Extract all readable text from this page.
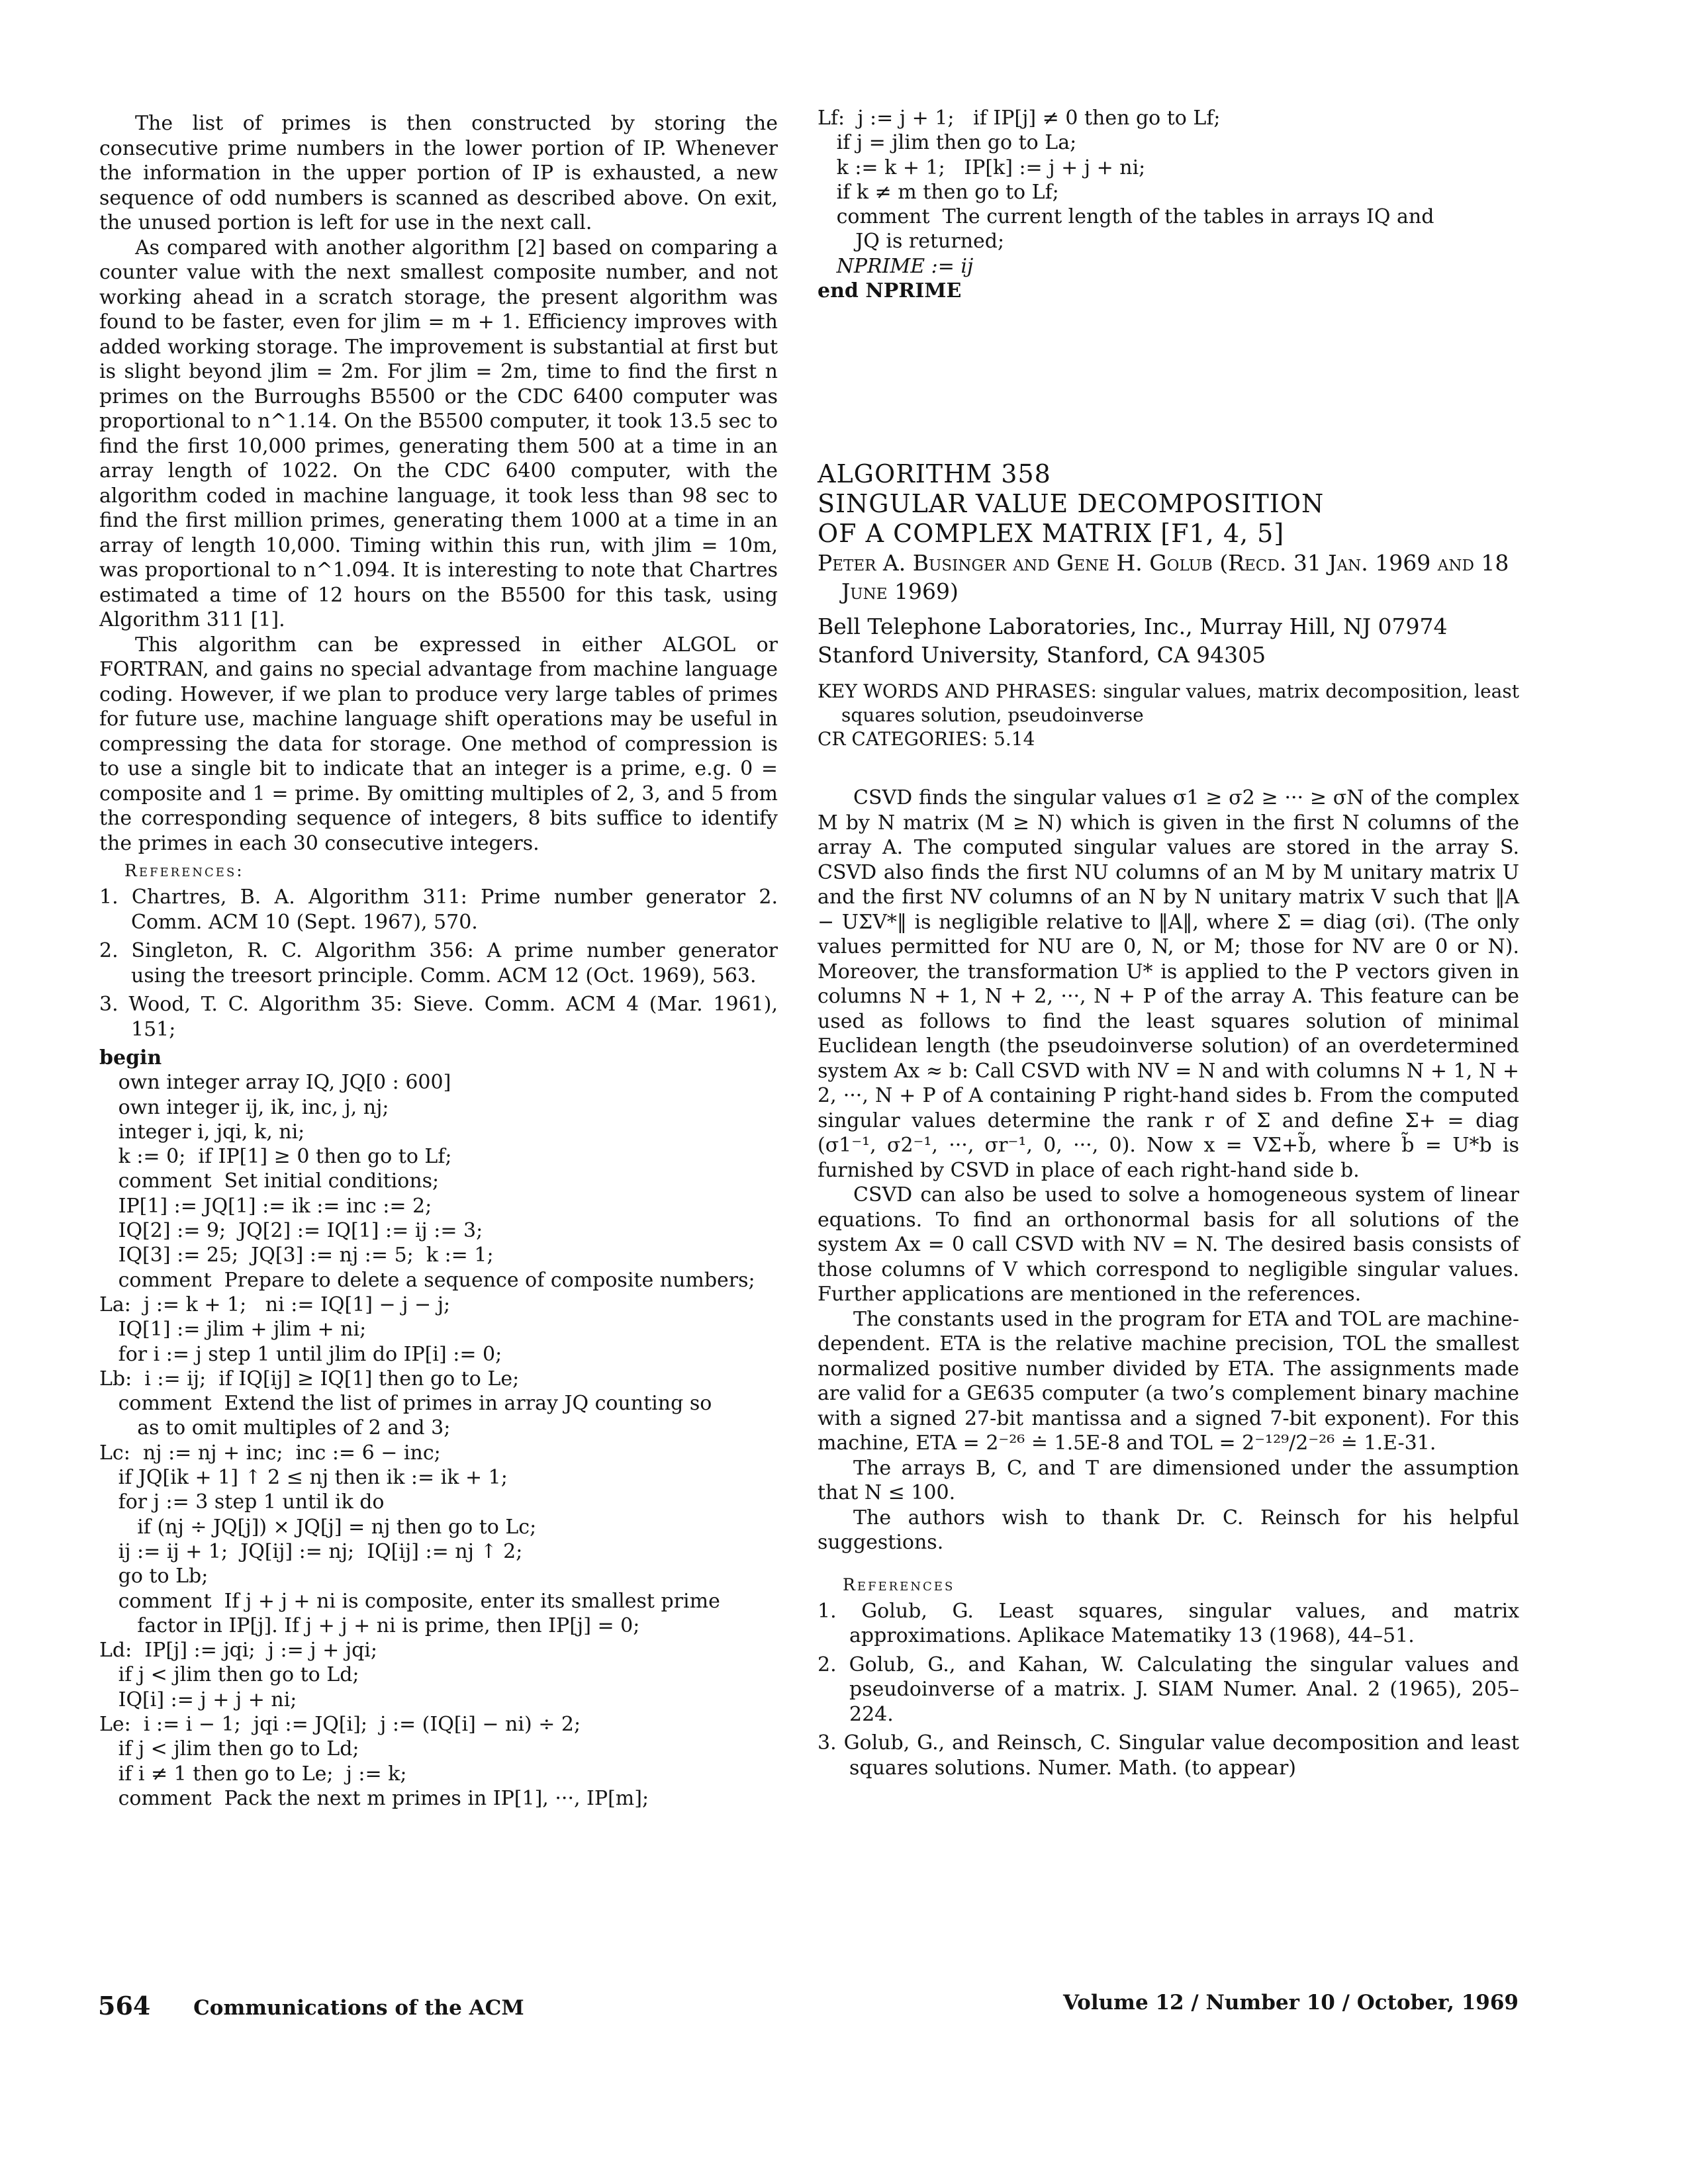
The list of primes is then constructed by storing the consecutive prime numbers in the lower portion of IP. Whenever the information in the upper portion of IP is exhausted, a new sequence of odd numbers is scanned as described above. On exit, the unused portion is left for use in the next call.

As compared with another algorithm [2] based on comparing a counter value with the next smallest composite number, and not working ahead in a scratch storage, the present algorithm was found to be faster, even for jlim = m + 1. Efficiency improves with added working storage. The improvement is substantial at first but is slight beyond jlim = 2m. For jlim = 2m, time to find the first n primes on the Burroughs B5500 or the CDC 6400 computer was proportional to n^1.14. On the B5500 computer, it took 13.5 sec to find the first 10,000 primes, generating them 500 at a time in an array length of 1022. On the CDC 6400 computer, with the algorithm coded in machine language, it took less than 98 sec to find the first million primes, generating them 1000 at a time in an array of length 10,000. Timing within this run, with jlim = 10m, was proportional to n^1.094. It is interesting to note that Chartres estimated a time of 12 hours on the B5500 for this task, using Algorithm 311 [1].

This algorithm can be expressed in either ALGOL or FORTRAN, and gains no special advantage from machine language coding. However, if we plan to produce very large tables of primes for future use, machine language shift operations may be useful in compressing the data for storage. One method of compression is to use a single bit to indicate that an integer is a prime, e.g. 0 = composite and 1 = prime. By omitting multiples of 2, 3, and 5 from the corresponding sequence of integers, 8 bits suffice to identify the primes in each 30 consecutive integers.

References:

1. Chartres, B. A. Algorithm 311: Prime number generator 2. Comm. ACM 10 (Sept. 1967), 570.

2. Singleton, R. C. Algorithm 356: A prime number generator using the treesort principle. Comm. ACM 12 (Oct. 1969), 563.

3. Wood, T. C. Algorithm 35: Sieve. Comm. ACM 4 (Mar. 1961), 151;

begin
own integer array IQ, JQ[0 : 600]
own integer ij, ik, inc, j, nj;
integer i, jqi, k, ni;
k := 0;  if IP[1] ≥ 0 then go to Lf;
comment  Set initial conditions;
IP[1] := JQ[1] := ik := inc := 2;
IQ[2] := 9;  JQ[2] := IQ[1] := ij := 3;
IQ[3] := 25;  JQ[3] := nj := 5;  k := 1;
comment  Prepare to delete a sequence of composite numbers;
La:  j := k + 1;   ni := IQ[1] − j − j;
IQ[1] := jlim + jlim + ni;
for i := j step 1 until jlim do IP[i] := 0;
Lb:  i := ij;  if IQ[ij] ≥ IQ[1] then go to Le;
comment  Extend the list of primes in array JQ counting so
as to omit multiples of 2 and 3;
Lc:  nj := nj + inc;  inc := 6 − inc;
if JQ[ik + 1] ↑ 2 ≤ nj then ik := ik + 1;
for j := 3 step 1 until ik do
if (nj ÷ JQ[j]) × JQ[j] = nj then go to Lc;
ij := ij + 1;  JQ[ij] := nj;  IQ[ij] := nj ↑ 2;
go to Lb;
comment  If j + j + ni is composite, enter its smallest prime
factor in IP[j]. If j + j + ni is prime, then IP[j] = 0;
Ld:  IP[j] := jqi;  j := j + jqi;
if j < jlim then go to Ld;
IQ[i] := j + j + ni;
Le:  i := i − 1;  jqi := JQ[i];  j := (IQ[i] − ni) ÷ 2;
if j < jlim then go to Ld;
if i ≠ 1 then go to Le;  j := k;
comment  Pack the next m primes in IP[1], ···, IP[m];
Lf:  j := j + 1;   if IP[j] ≠ 0 then go to Lf;
if j = jlim then go to La;
k := k + 1;   IP[k] := j + j + ni;
if k ≠ m then go to Lf;
comment  The current length of the tables in arrays IQ and
JQ is returned;
NPRIME := ij
end NPRIME

ALGORITHM 358

SINGULAR VALUE DECOMPOSITION

OF A COMPLEX MATRIX [F1, 4, 5]

Peter A. Businger and Gene H. Golub (Recd. 31 Jan. 1969 and 18 June 1969)

Bell Telephone Laboratories, Inc., Murray Hill, NJ 07974

Stanford University, Stanford, CA 94305

KEY WORDS AND PHRASES: singular values, matrix decomposition, least squares solution, pseudoinverse

CR CATEGORIES: 5.14

CSVD finds the singular values σ1 ≥ σ2 ≥ ··· ≥ σN of the complex M by N matrix (M ≥ N) which is given in the first N columns of the array A. The computed singular values are stored in the array S. CSVD also finds the first NU columns of an M by M unitary matrix U and the first NV columns of an N by N unitary matrix V such that ‖A − UΣV*‖ is negligible relative to ‖A‖, where Σ = diag (σi). (The only values permitted for NU are 0, N, or M; those for NV are 0 or N). Moreover, the transformation U* is applied to the P vectors given in columns N + 1, N + 2, ···, N + P of the array A. This feature can be used as follows to find the least squares solution of minimal Euclidean length (the pseudoinverse solution) of an overdetermined system Ax ≈ b: Call CSVD with NV = N and with columns N + 1, N + 2, ···, N + P of A containing P right-hand sides b. From the computed singular values determine the rank r of Σ and define Σ+ = diag (σ1⁻¹, σ2⁻¹, ···, σr⁻¹, 0, ···, 0). Now x = VΣ+b̃, where b̃ = U*b is furnished by CSVD in place of each right-hand side b.

CSVD can also be used to solve a homogeneous system of linear equations. To find an orthonormal basis for all solutions of the system Ax = 0 call CSVD with NV = N. The desired basis consists of those columns of V which correspond to negligible singular values. Further applications are mentioned in the references.

The constants used in the program for ETA and TOL are machine-dependent. ETA is the relative machine precision, TOL the smallest normalized positive number divided by ETA. The assignments made are valid for a GE635 computer (a two’s complement binary machine with a signed 27-bit mantissa and a signed 7-bit exponent). For this machine, ETA = 2⁻²⁶ ≐ 1.5E-8 and TOL = 2⁻¹²⁹/2⁻²⁶ ≐ 1.E-31.

The arrays B, C, and T are dimensioned under the assumption that N ≤ 100.

The authors wish to thank Dr. C. Reinsch for his helpful suggestions.

References

1. Golub, G. Least squares, singular values, and matrix approximations. Aplikace Matematiky 13 (1968), 44–51.

2. Golub, G., and Kahan, W. Calculating the singular values and pseudoinverse of a matrix. J. SIAM Numer. Anal. 2 (1965), 205–224.

3. Golub, G., and Reinsch, C. Singular value decomposition and least squares solutions. Numer. Math. (to appear)

564 Communications of the ACM	Volume 12 / Number 10 / October, 1969
